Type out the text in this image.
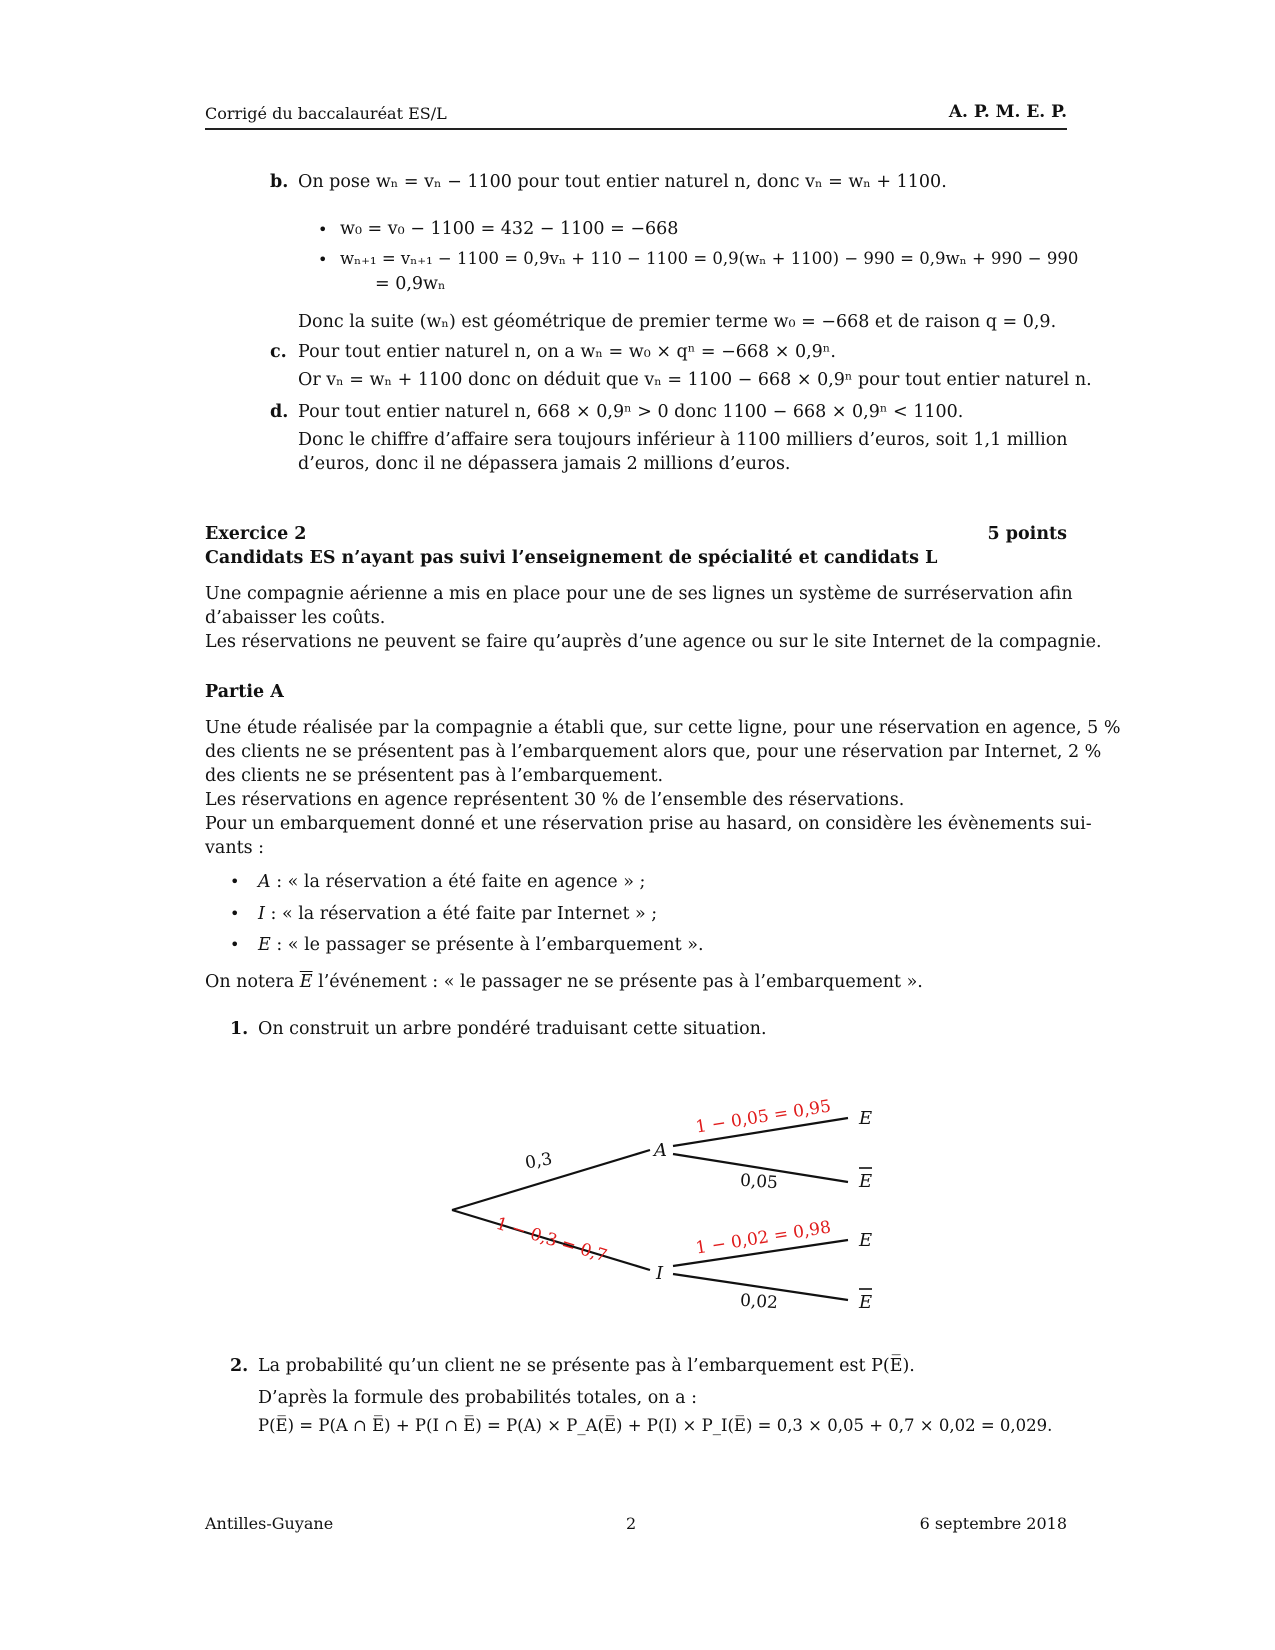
Corrigé du baccalauréat ES/L	A. P. M. E. P.
b. On pose wₙ = vₙ − 1100 pour tout entier naturel n, donc vₙ = wₙ + 1100.
• w₀ = v₀ − 1100 = 432 − 1100 = −668
• wₙ₊₁ = vₙ₊₁ − 1100 = 0,9vₙ + 110 − 1100 = 0,9(wₙ + 1100) − 990 = 0,9wₙ + 990 − 990
= 0,9wₙ
Donc la suite (wₙ) est géométrique de premier terme w₀ = −668 et de raison q = 0,9.
c. Pour tout entier naturel n, on a wₙ = w₀ × qⁿ = −668 × 0,9ⁿ.
Or vₙ = wₙ + 1100 donc on déduit que vₙ = 1100 − 668 × 0,9ⁿ pour tout entier naturel n.
d. Pour tout entier naturel n, 668 × 0,9ⁿ > 0 donc 1100 − 668 × 0,9ⁿ < 1100.
Donc le chiffre d’affaire sera toujours inférieur à 1100 milliers d’euros, soit 1,1 million
d’euros, donc il ne dépassera jamais 2 millions d’euros.
Exercice 2	5 points
Candidats ES n’ayant pas suivi l’enseignement de spécialité et candidats L
Une compagnie aérienne a mis en place pour une de ses lignes un système de surréservation afin
d’abaisser les coûts.
Les réservations ne peuvent se faire qu’auprès d’une agence ou sur le site Internet de la compagnie.
Partie A
Une étude réalisée par la compagnie a établi que, sur cette ligne, pour une réservation en agence, 5 %
des clients ne se présentent pas à l’embarquement alors que, pour une réservation par Internet, 2 %
des clients ne se présentent pas à l’embarquement.
Les réservations en agence représentent 30 % de l’ensemble des réservations.
Pour un embarquement donné et une réservation prise au hasard, on considère les évènements sui-
vants :
• A : « la réservation a été faite en agence » ;
• I : « la réservation a été faite par Internet » ;
• E : « le passager se présente à l’embarquement ».
On notera $\overline{E}$ l’événement : « le passager ne se présente pas à l’embarquement ».
1. On construit un arbre pondéré traduisant cette situation.
A
I
E
E
E
E
0,3
0,05
0,02
1 − 0,3 = 0,7
1 − 0,05 = 0,95
1 − 0,02 = 0,98
2. La probabilité qu’un client ne se présente pas à l’embarquement est P(E̅).
D’après la formule des probabilités totales, on a :
P(E̅) = P(A ∩ E̅) + P(I ∩ E̅) = P(A) × P_A(E̅) + P(I) × P_I(E̅) = 0,3 × 0,05 + 0,7 × 0,02 = 0,029.
Antilles-Guyane	2	6 septembre 2018
